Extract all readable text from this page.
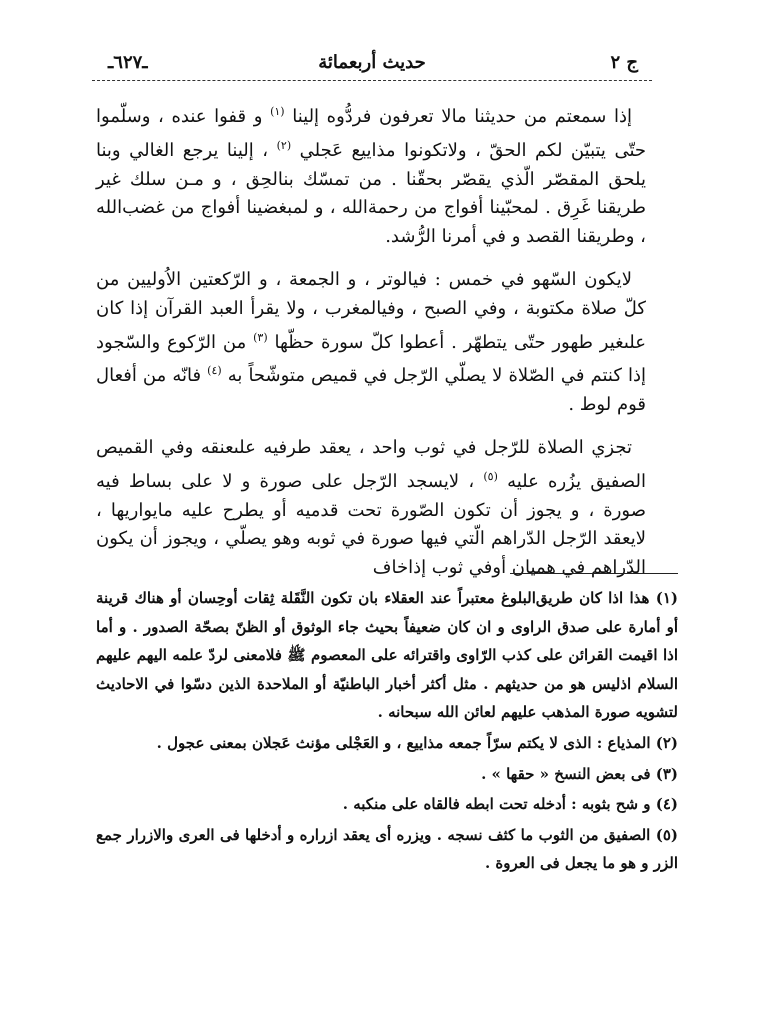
ـ٦٢٧ـ	حديث أربعمائة	ج ٢

إذا سمعتم من حديثنا مالا تعرفون فردُّوه إلينا $^{(١)}$ و قفوا عنده ، وسلّموا حتّى يتبيّن لكم الحقّ ، ولاتكونوا مذاييع عَجلي $^{(٢)}$ ، إلينا يرجع الغالي وبنا يلحق المقصّر الّذي يقصّر بحقّنا . من تمسّك بنالحِق ، و مـن سلك غير طريقنا غَرِق . لمحبّينا أفواج من رحمةالله ، و لمبغضينا أفواج من غضب‌الله ، وطريقنا القصد و في أمرنا الرُّشد.

لايكون السّهو في خمس : فيالوتر ، و الجمعة ، و الرّكعتين الاُوليين من كلّ صلاة مكتوبة ، وفي الصبح ، وفيالمغرب ، ولا يقرأ العبد القرآن إذا كان علىغير طهور حتّى يتطهّر . أعطوا كلّ سورة حظّها $^{(٣)}$ من الرّكوع والسّجود إذا كنتم في الصّلاة لا يصلّي الرّجل في قميص متوشّحاً به $^{(٤)}$ فانّه من أفعال قوم لوط .

تجزي الصلاة للرّجل في ثوب واحد ، يعقد طرفيه علىعنقه وفي القميص الصفيق يزُره عليه $^{(٥)}$ ، لايسجد الرّجل على صورة و لا على بساط فيه صورة ، و يجوز أن تكون الصّورة تحت قدميه أو يطرح عليه مايواريها ، لايعقد الرّجل الدّراهم الّتي فيها صورة في ثوبه وهو يصلّي ، ويجوز أن يكون الدّراهم في هميان أوفي ثوب إذاخاف

(١) هذا اذا كان طريق‌البلوغ معتبراً عند العقلاء بان تكون النَّقَلة ثِقات أوحِسان أو هناك قرينة أو أمارة على صدق الراوى و ان كان ضعيفاً بحيث جاء الوثوق أو الظنّ بصحّة الصدور . و أما اذا اقيمت القرائن على كذب الرّاوى واقترائه على المعصوم ﷺ فلامعنى لردّ علمه اليهم عليهم السلام اذليس هو من حديثهم . مثل أكثر أخبار الباطنيّة أو الملاحدة الذين دسّوا في الاحاديث لتشويه صورة المذهب عليهم لعائن الله سبحانه .
(٢) المذياع : الذى لا يكتم سرّاً جمعه مذاييع ، و العَجْلى مؤنث عَجلان بمعنى عجول .
(٣) فى بعض النسخ « حقها » .
(٤) و شح بثوبه : أدخله تحت ابطه فالقاه على منكبه .
(٥) الصفيق من الثوب ما كثف نسجه . ويزره أى يعقد ازراره و أدخلها فى العرى والازرار جمع الزر و هو ما يجعل فى العروة .
